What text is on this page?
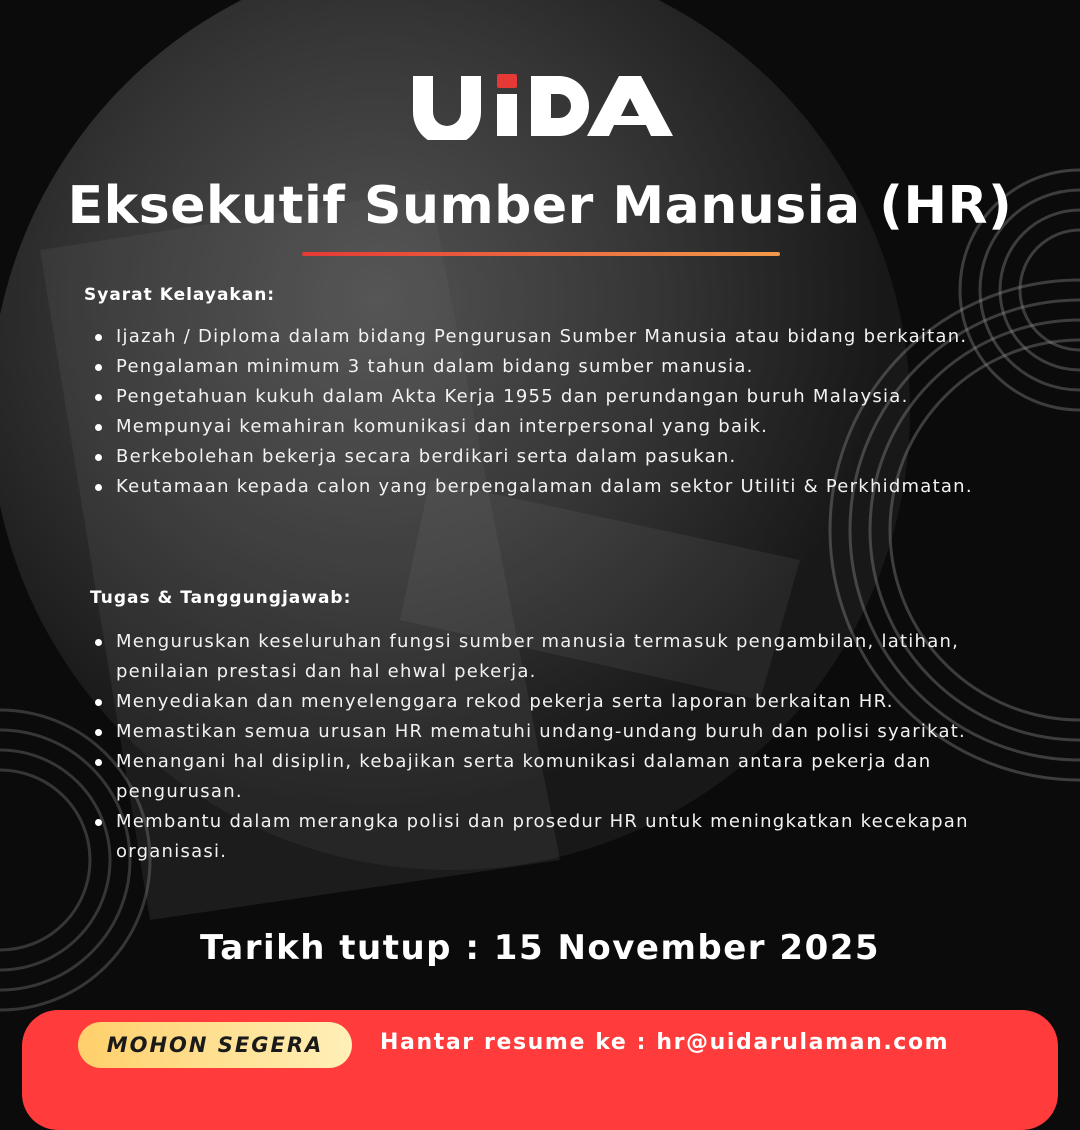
Eksekutif Sumber Manusia (HR)
Syarat Kelayakan:
Ijazah / Diploma dalam bidang Pengurusan Sumber Manusia atau bidang berkaitan.
Pengalaman minimum 3 tahun dalam bidang sumber manusia.
Pengetahuan kukuh dalam Akta Kerja 1955 dan perundangan buruh Malaysia.
Mempunyai kemahiran komunikasi dan interpersonal yang baik.
Berkebolehan bekerja secara berdikari serta dalam pasukan.
Keutamaan kepada calon yang berpengalaman dalam sektor Utiliti & Perkhidmatan.
Tugas & Tanggungjawab:
Menguruskan keseluruhan fungsi sumber manusia termasuk pengambilan, latihan, penilaian prestasi dan hal ehwal pekerja.
Menyediakan dan menyelenggara rekod pekerja serta laporan berkaitan HR.
Memastikan semua urusan HR mematuhi undang-undang buruh dan polisi syarikat.
Menangani hal disiplin, kebajikan serta komunikasi dalaman antara pekerja dan pengurusan.
Membantu dalam merangka polisi dan prosedur HR untuk meningkatkan kecekapan organisasi.

Tarikh tutup : 15 November 2025

MOHON SEGERA	Hantar resume ke : hr@uidarulaman.com
